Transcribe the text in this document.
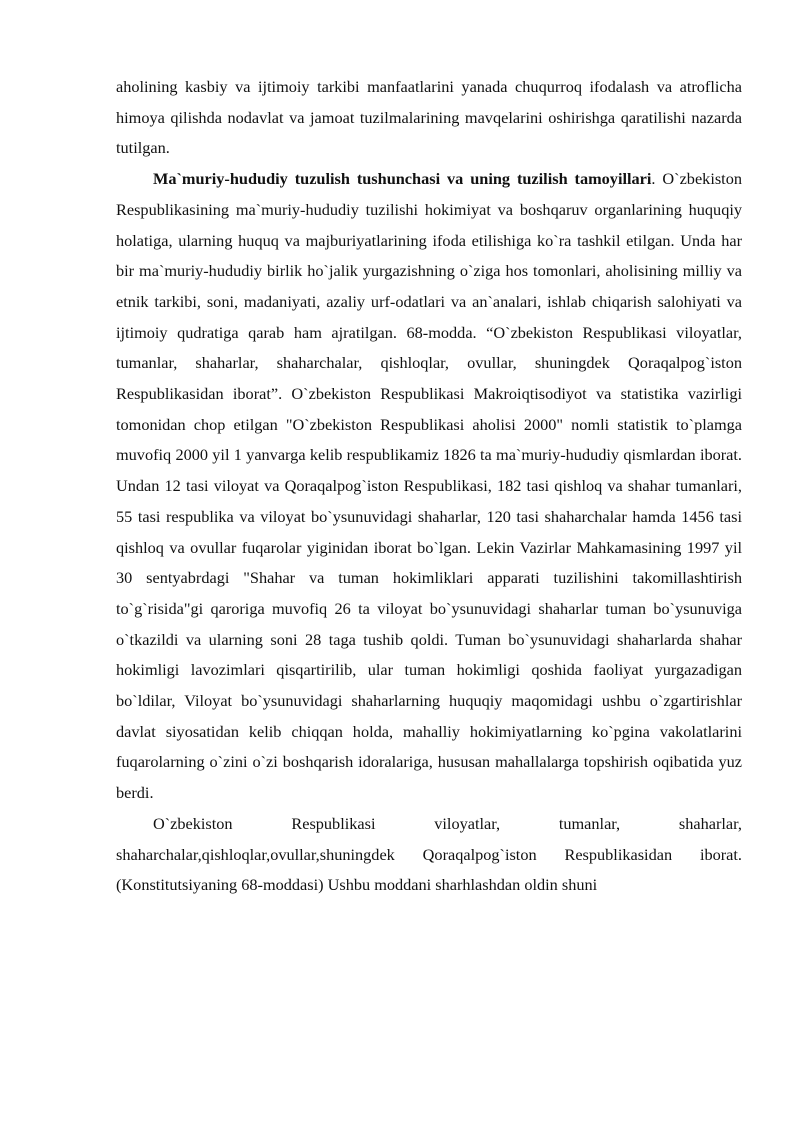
aholining kasbiy va ijtimoiy tarkibi manfaatlarini yanada chuqurroq ifodalash va atroflicha himoya qilishda nodavlat va jamoat tuzilmalarining mavqelarini oshirishga qaratilishi nazarda tutilgan.

Ma`muriy-hududiy tuzulish tushunchasi va uning tuzilish tamoyillari. O`zbekiston Respublikasining ma`muriy-hududiy tuzilishi hokimiyat va boshqaruv organlarining huquqiy holatiga, ularning huquq va majburiyatlarining ifoda etilishiga ko`ra tashkil etilgan. Unda har bir ma`muriy-hududiy birlik ho`jalik yurgazishning o`ziga hos tomonlari, aholisining milliy va etnik tarkibi, soni, madaniyati, azaliy urf-odatlari va an`analari, ishlab chiqarish salohiyati va ijtimoiy qudratiga qarab ham ajratilgan. 68-modda. “O`zbekiston Respublikasi viloyatlar, tumanlar, shaharlar, shaharchalar, qishloqlar, ovullar, shuningdek Qoraqalpog`iston Respublikasidan iborat”. O`zbekiston Respublikasi Makroiqtisodiyot va statistika vazirligi tomonidan chop etilgan "O`zbekiston Respublikasi aholisi 2000" nomli statistik to`plamga muvofiq 2000 yil 1 yanvarga kelib respublikamiz 1826 ta ma`muriy-hududiy qismlardan iborat. Undan 12 tasi viloyat va Qoraqalpog`iston Respublikasi, 182 tasi qishloq va shahar tumanlari, 55 tasi respublika va viloyat bo`ysunuvidagi shaharlar, 120 tasi shaharchalar hamda 1456 tasi qishloq va ovullar fuqarolar yiginidan iborat bo`lgan. Lekin Vazirlar Mahkamasining 1997 yil 30 sentyabrdagi "Shahar va tuman hokimliklari apparati tuzilishini takomillashtirish to`g`risida"gi qaroriga muvofiq 26 ta viloyat bo`ysunuvidagi shaharlar tuman bo`ysunuviga o`tkazildi va ularning soni 28 taga tushib qoldi. Tuman bo`ysunuvidagi shaharlarda shahar hokimligi lavozimlari qisqartirilib, ular tuman hokimligi qoshida faoliyat yurgazadigan bo`ldilar, Viloyat bo`ysunuvidagi shaharlarning huquqiy maqomidagi ushbu o`zgartirishlar davlat siyosatidan kelib chiqqan holda, mahalliy hokimiyatlarning ko`pgina vakolatlarini fuqarolarning o`zini o`zi boshqarish idoralariga, hususan mahallalarga topshirish oqibatida yuz berdi.

O`zbekiston Respublikasi viloyatlar, tumanlar, shaharlar, shaharchalar,qishloqlar,ovullar,shuningdek Qoraqalpog`iston Respublikasidan iborat.(Konstitutsiyaning 68-moddasi) Ushbu moddani sharhlashdan oldin shuni
